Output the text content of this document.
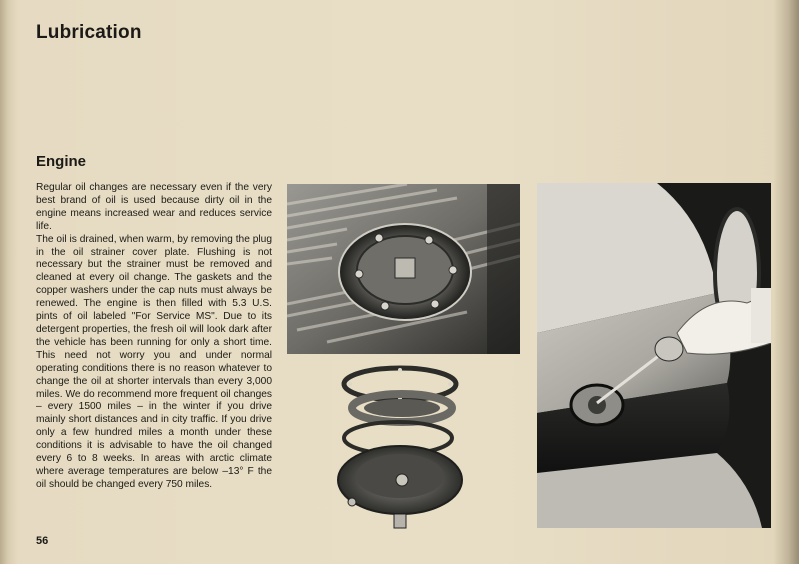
Lubrication
Engine

Regular oil changes are necessary even if the very best brand of oil is used because dirty oil in the engine means increased wear and reduces service life.

The oil is drained, when warm, by removing the plug in the oil strainer cover plate. Flushing is not necessary but the strainer must be removed and cleaned at every oil change. The gaskets and the copper washers under the cap nuts must always be renewed. The engine is then filled with 5.3 U.S. pints of oil labeled "For Service MS". Due to its detergent properties, the fresh oil will look dark after the vehicle has been running for only a short time. This need not worry you and under normal operating conditions there is no reason whatever to change the oil at shorter intervals than every 3,000 miles. We do recommend more frequent oil changes – every 1500 miles – in the winter if you drive mainly short distances and in city traffic. If you drive only a few hundred miles a month under these conditions it is advisable to have the oil changed every 6 to 8 weeks. In areas with arctic climate where average temperatures are below –13° F the oil should be changed every 750 miles.

56
